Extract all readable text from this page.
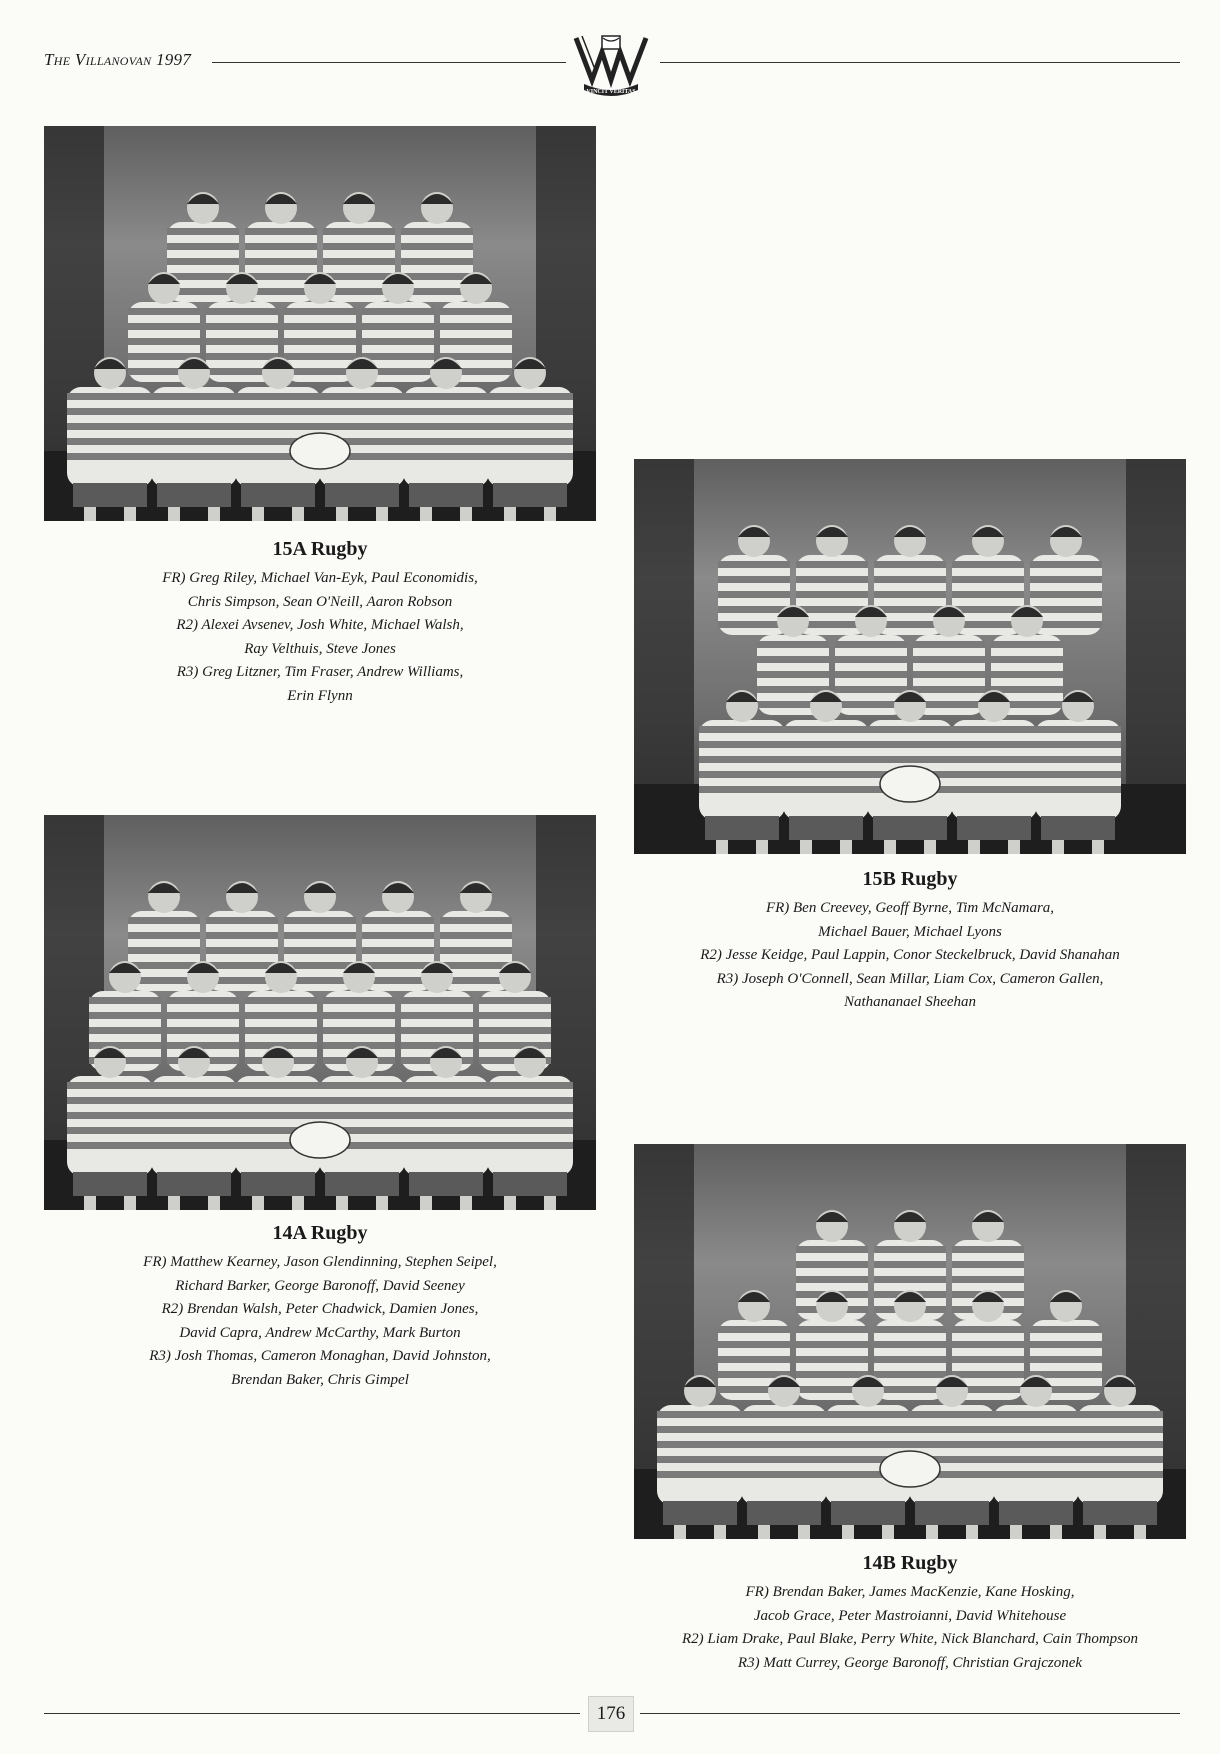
The Villanovan 1997
VINCIT VERITAS
15A Rugby
FR) Greg Riley, Michael Van-Eyk, Paul Economidis,
Chris Simpson, Sean O'Neill, Aaron Robson
R2) Alexei Avsenev, Josh White, Michael Walsh,
Ray Velthuis, Steve Jones
R3) Greg Litzner, Tim Fraser, Andrew Williams,
Erin Flynn
15B Rugby
FR) Ben Creevey, Geoff Byrne, Tim McNamara,
Michael Bauer, Michael Lyons
R2) Jesse Keidge, Paul Lappin, Conor Steckelbruck, David Shanahan
R3) Joseph O'Connell, Sean Millar, Liam Cox, Cameron Gallen,
Nathananael Sheehan
14A Rugby
FR) Matthew Kearney, Jason Glendinning, Stephen Seipel,
Richard Barker, George Baronoff, David Seeney
R2) Brendan Walsh, Peter Chadwick, Damien Jones,
David Capra, Andrew McCarthy, Mark Burton
R3) Josh Thomas, Cameron Monaghan, David Johnston,
Brendan Baker, Chris Gimpel
14B Rugby
FR) Brendan Baker, James MacKenzie, Kane Hosking,
Jacob Grace, Peter Mastroianni, David Whitehouse
R2) Liam Drake, Paul Blake, Perry White, Nick Blanchard, Cain Thompson
R3) Matt Currey, George Baronoff, Christian Grajczonek
176
